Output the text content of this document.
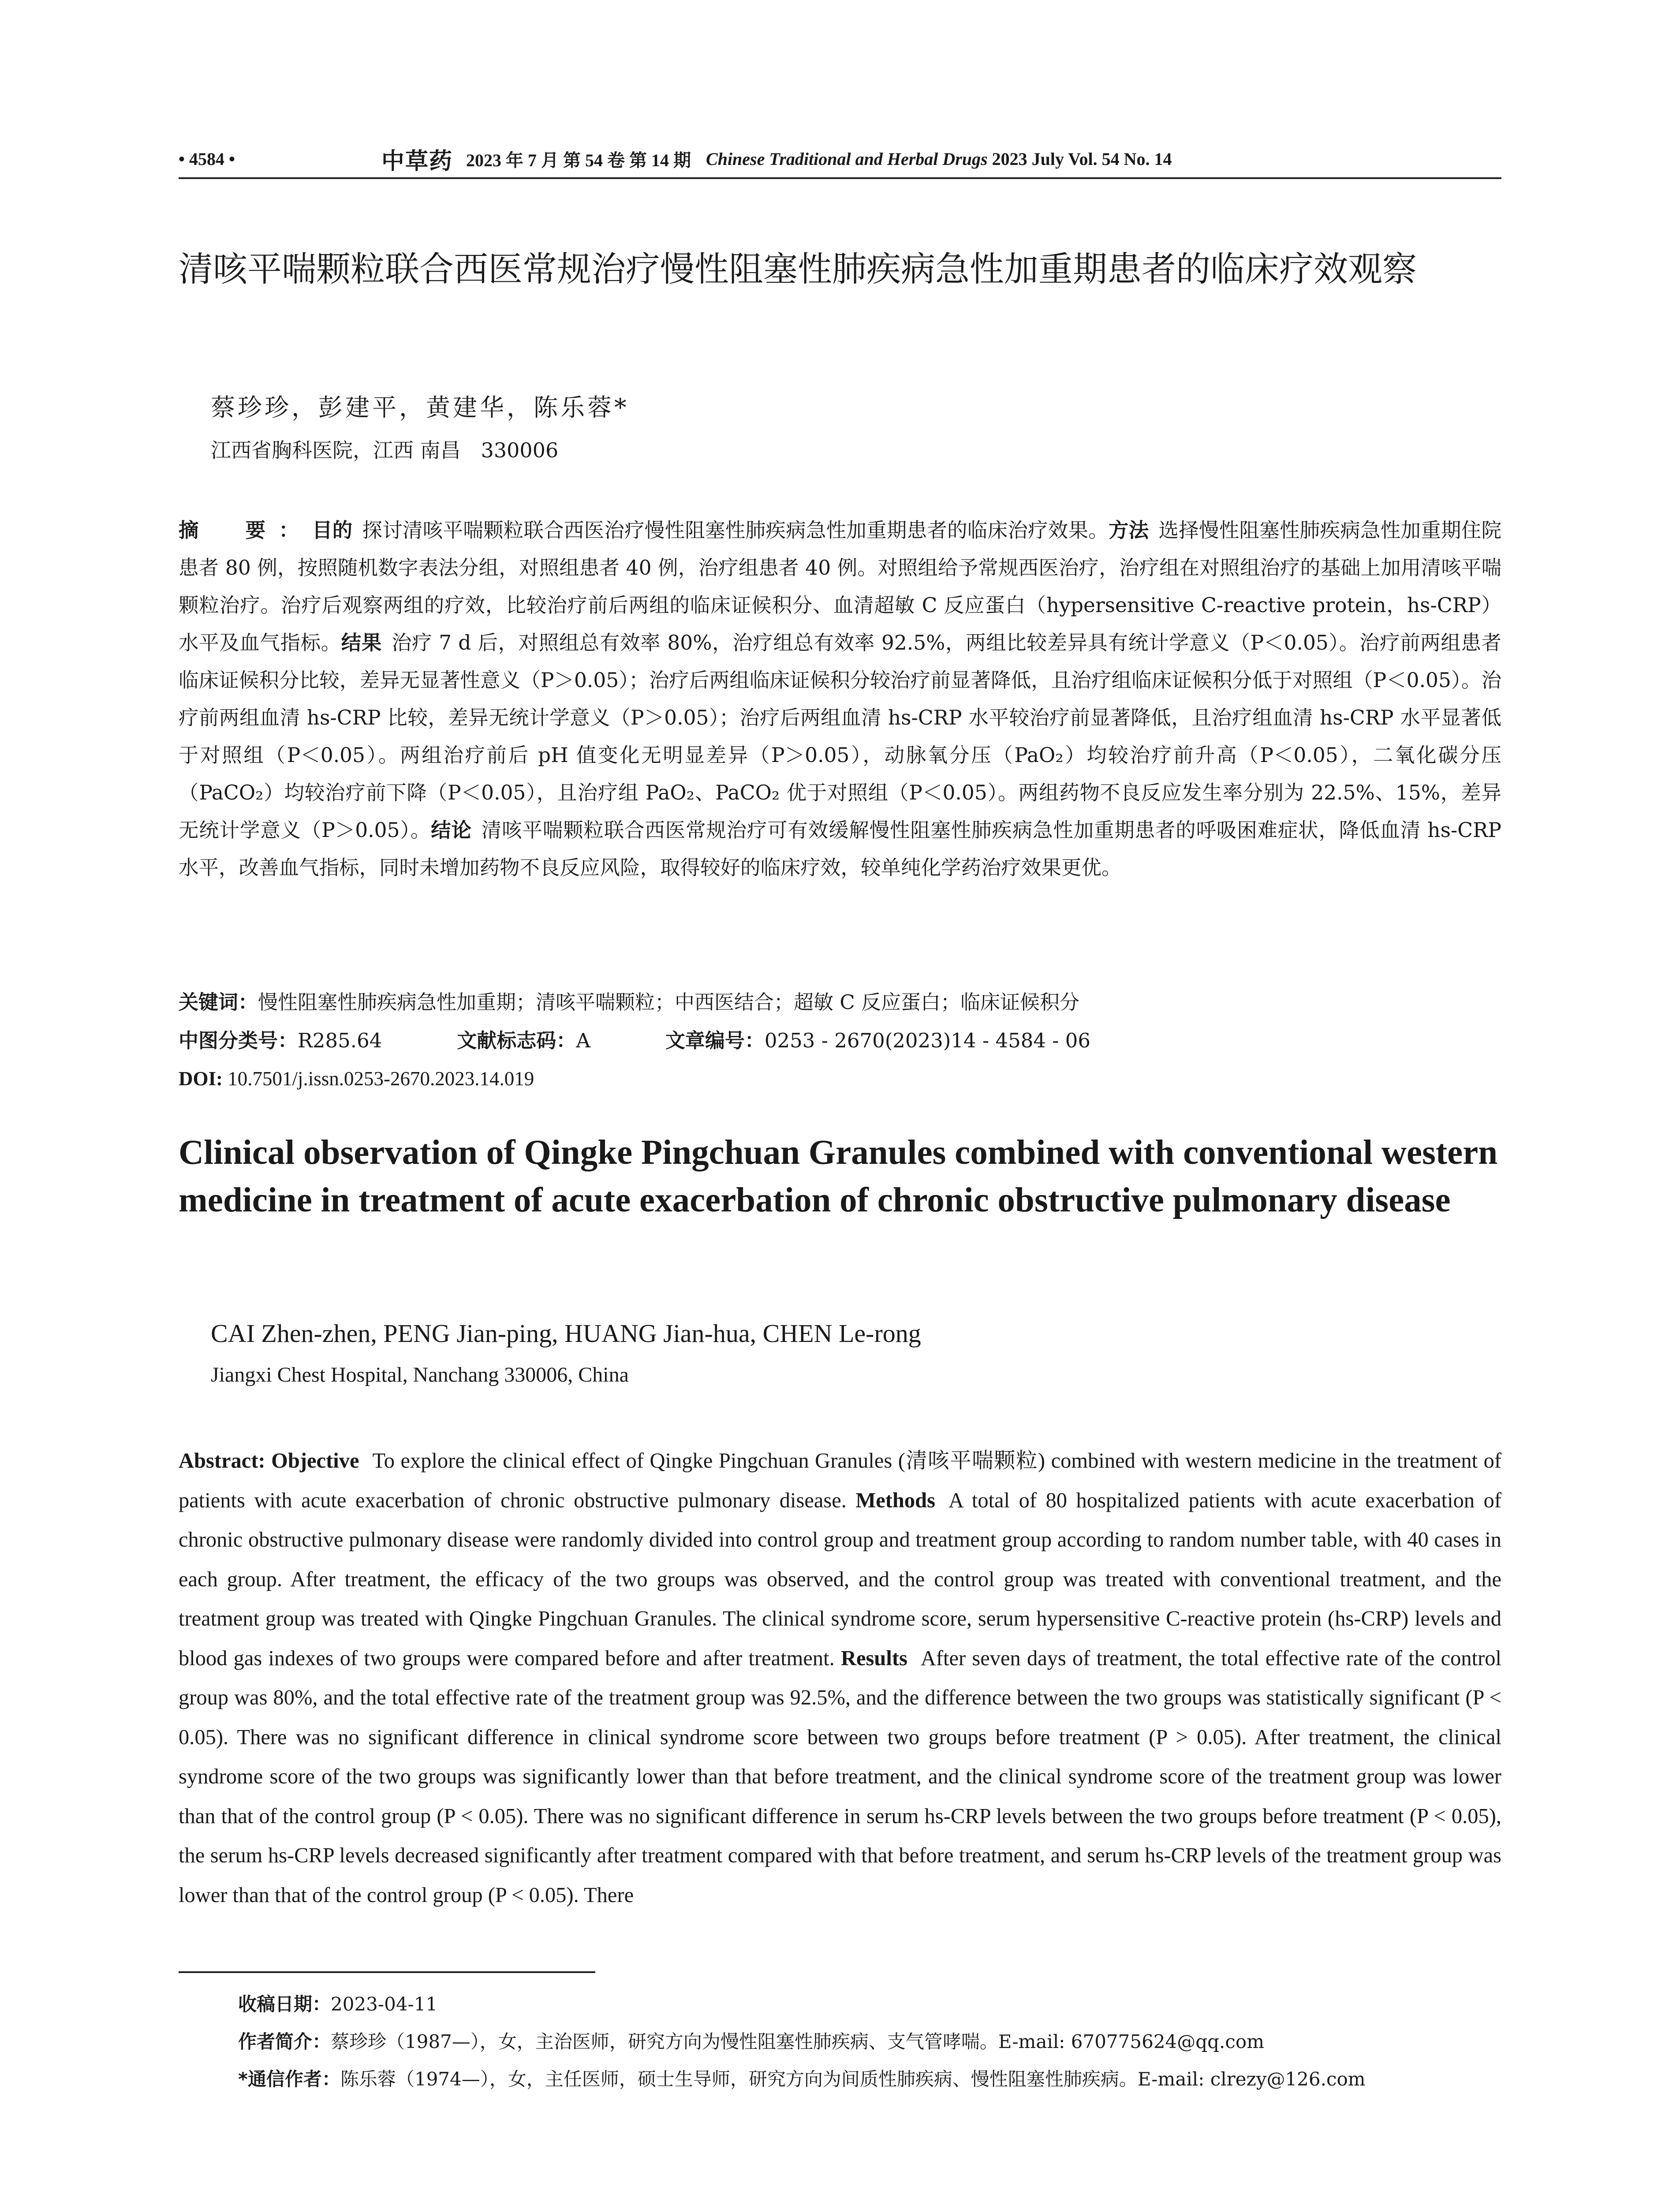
• 4584 •	中草药 2023 年 7 月 第 54 卷 第 14 期 Chinese Traditional and Herbal Drugs 2023 July Vol. 54 No. 14
清咳平喘颗粒联合西医常规治疗慢性阻塞性肺疾病急性加重期患者的临床疗效观察
蔡珍珍，彭建平，黄建华，陈乐蓉*
江西省胸科医院，江西 南昌　330006

摘　要：目的 探讨清咳平喘颗粒联合西医治疗慢性阻塞性肺疾病急性加重期患者的临床治疗效果。方法 选择慢性阻塞性肺疾病急性加重期住院患者 80 例，按照随机数字表法分组，对照组患者 40 例，治疗组患者 40 例。对照组给予常规西医治疗，治疗组在对照组治疗的基础上加用清咳平喘颗粒治疗。治疗后观察两组的疗效，比较治疗前后两组的临床证候积分、血清超敏 C 反应蛋白（hypersensitive C-reactive protein，hs-CRP）水平及血气指标。结果 治疗 7 d 后，对照组总有效率 80%，治疗组总有效率 92.5%，两组比较差异具有统计学意义（P＜0.05）。治疗前两组患者临床证候积分比较，差异无显著性意义（P＞0.05）；治疗后两组临床证候积分较治疗前显著降低，且治疗组临床证候积分低于对照组（P＜0.05）。治疗前两组血清 hs-CRP 比较，差异无统计学意义（P＞0.05）；治疗后两组血清 hs-CRP 水平较治疗前显著降低，且治疗组血清 hs-CRP 水平显著低于对照组（P＜0.05）。两组治疗前后 pH 值变化无明显差异（P＞0.05），动脉氧分压（PaO₂）均较治疗前升高（P＜0.05），二氧化碳分压（PaCO₂）均较治疗前下降（P＜0.05），且治疗组 PaO₂、PaCO₂ 优于对照组（P＜0.05）。两组药物不良反应发生率分别为 22.5%、15%，差异无统计学意义（P＞0.05）。结论 清咳平喘颗粒联合西医常规治疗可有效缓解慢性阻塞性肺疾病急性加重期患者的呼吸困难症状，降低血清 hs-CRP 水平，改善血气指标，同时未增加药物不良反应风险，取得较好的临床疗效，较单纯化学药治疗效果更优。

关键词：慢性阻塞性肺疾病急性加重期；清咳平喘颗粒；中西医结合；超敏 C 反应蛋白；临床证候积分
中图分类号：R285.64	文献标志码：A	文章编号：0253 - 2670(2023)14 - 4584 - 06
DOI: 10.7501/j.issn.0253-2670.2023.14.019
Clinical observation of Qingke Pingchuan Granules combined with conventional western medicine in treatment of acute exacerbation of chronic obstructive pulmonary disease
CAI Zhen-zhen, PENG Jian-ping, HUANG Jian-hua, CHEN Le-rong
Jiangxi Chest Hospital, Nanchang 330006, China

Abstract: Objective To explore the clinical effect of Qingke Pingchuan Granules (清咳平喘颗粒) combined with western medicine in the treatment of patients with acute exacerbation of chronic obstructive pulmonary disease. Methods A total of 80 hospitalized patients with acute exacerbation of chronic obstructive pulmonary disease were randomly divided into control group and treatment group according to random number table, with 40 cases in each group. After treatment, the efficacy of the two groups was observed, and the control group was treated with conventional treatment, and the treatment group was treated with Qingke Pingchuan Granules. The clinical syndrome score, serum hypersensitive C-reactive protein (hs-CRP) levels and blood gas indexes of two groups were compared before and after treatment. Results After seven days of treatment, the total effective rate of the control group was 80%, and the total effective rate of the treatment group was 92.5%, and the difference between the two groups was statistically significant (P < 0.05). There was no significant difference in clinical syndrome score between two groups before treatment (P > 0.05). After treatment, the clinical syndrome score of the two groups was significantly lower than that before treatment, and the clinical syndrome score of the treatment group was lower than that of the control group (P < 0.05). There was no significant difference in serum hs-CRP levels between the two groups before treatment (P < 0.05), the serum hs-CRP levels decreased significantly after treatment compared with that before treatment, and serum hs-CRP levels of the treatment group was lower than that of the control group (P < 0.05). There

收稿日期：2023-04-11
作者简介：蔡珍珍（1987—），女，主治医师，研究方向为慢性阻塞性肺疾病、支气管哮喘。E-mail: 670775624@qq.com
*通信作者：陈乐蓉（1974—），女，主任医师，硕士生导师，研究方向为间质性肺疾病、慢性阻塞性肺疾病。E-mail: clrezy@126.com
